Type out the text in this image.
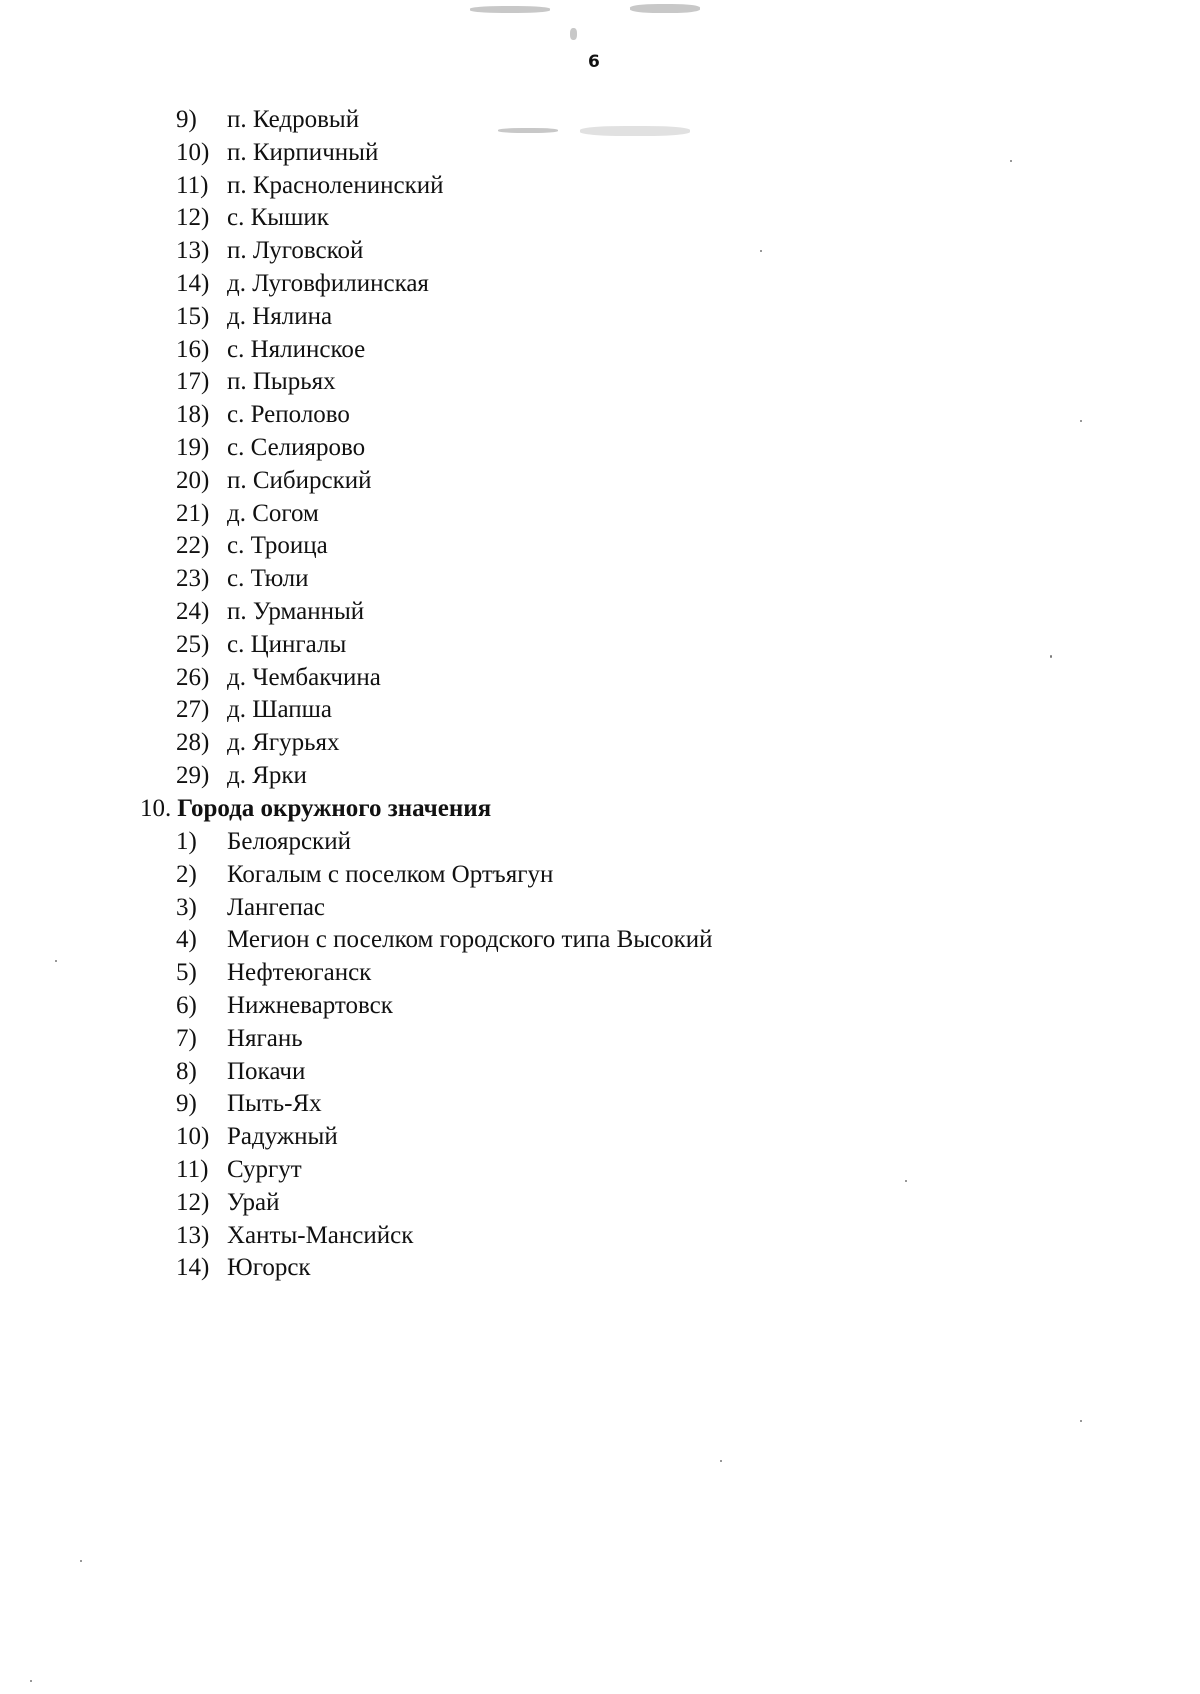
6
9)	п. Кедровый
10) п. Кирпичный
11) п. Красноленинский
12) с. Кышик
13) п. Луговской
14) д. Луговфилинская
15) д. Нялина
16) с. Нялинское
17) п. Пырьях
18) с. Реполово
19) с. Селиярово
20) п. Сибирский
21) д. Согом
22) с. Троица
23) с. Тюли
24) п. Урманный
25) с. Цингалы
26) д. Чембакчина
27) д. Шапша
28) д. Ягурьях
29) д. Ярки
10. Города окружного значения
1)	Белоярский
2)	Когалым с поселком Ортъягун
3)	Лангепас
4)	Мегион с поселком городского типа Высокий
5)	Нефтеюганск
6)	Нижневартовск
7)	Нягань
8)	Покачи
9)	Пыть-Ях
10) Радужный
11) Сургут
12) Урай
13) Ханты-Мансийск
14) Югорск
